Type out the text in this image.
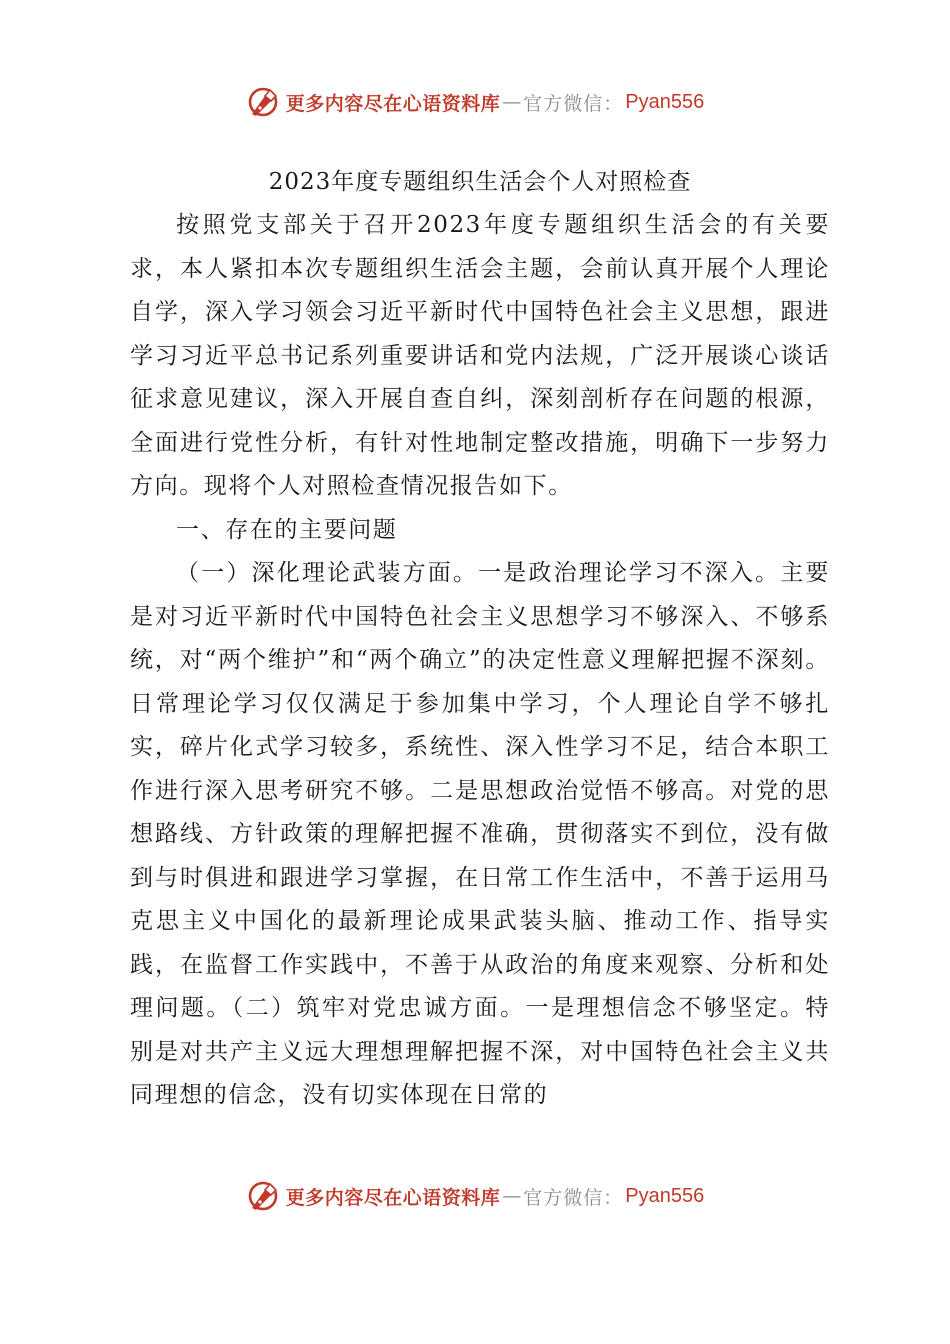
更多内容尽在心语资料库 — 官方微信： Pyan556
2023年度专题组织生活会个人对照检查

按照党支部关于召开2023年度专题组织生活会的有关要求，本人紧扣本次专题组织生活会主题，会前认真开展个人理论自学，深入学习领会习近平新时代中国特色社会主义思想，跟进学习习近平总书记系列重要讲话和党内法规，广泛开展谈心谈话征求意见建议，深入开展自查自纠，深刻剖析存在问题的根源，全面进行党性分析，有针对性地制定整改措施，明确下一步努力方向。现将个人对照检查情况报告如下。

一、存在的主要问题

（一）深化理论武装方面。一是政治理论学习不深入。主要是对习近平新时代中国特色社会主义思想学习不够深入、不够系统，对“两个维护”和“两个确立”的决定性意义理解把握不深刻。日常理论学习仅仅满足于参加集中学习，个人理论自学不够扎实，碎片化式学习较多，系统性、深入性学习不足，结合本职工作进行深入思考研究不够。二是思想政治觉悟不够高。对党的思想路线、方针政策的理解把握不准确，贯彻落实不到位，没有做到与时俱进和跟进学习掌握，在日常工作生活中，不善于运用马克思主义中国化的最新理论成果武装头脑、推动工作、指导实践，在监督工作实践中，不善于从政治的角度来观察、分析和处理问题。（二）筑牢对党忠诚方面。一是理想信念不够坚定。特别是对共产主义远大理想理解把握不深，对中国特色社会主义共同理想的信念，没有切实体现在日常的

更多内容尽在心语资料库 — 官方微信： Pyan556
